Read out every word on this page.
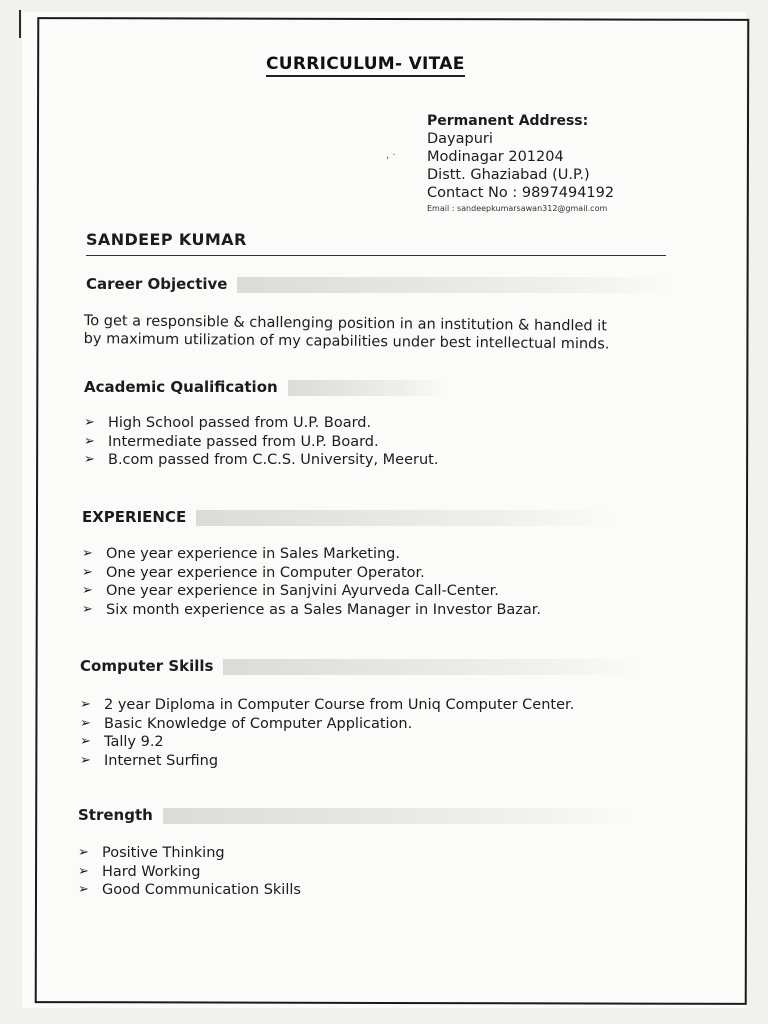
CURRICULUM- VITAE
‚ ·
Permanent Address:
Dayapuri
Modinagar 201204
Distt. Ghaziabad (U.P.)
Contact No : 9897494192
Email : sandeepkumarsawan312@gmail.com
SANDEEP KUMAR
Career Objective
To get a responsible & challenging position in an institution & handled it
by maximum utilization of my capabilities under best intellectual minds.
Academic Qualification
➢ High School passed from U.P. Board.
➢ Intermediate passed from U.P. Board.
➢ B.com passed from C.C.S. University, Meerut.
EXPERIENCE
➢ One year experience in Sales Marketing.
➢ One year experience in Computer Operator.
➢ One year experience in Sanjvini Ayurveda Call-Center.
➢ Six month experience as a Sales Manager in Investor Bazar.
Computer Skills
➢ 2 year Diploma in Computer Course from Uniq Computer Center.
➢ Basic Knowledge of Computer Application.
➢ Tally 9.2
➢ Internet Surfing
Strength
➢ Positive Thinking
➢ Hard Working
➢ Good Communication Skills
